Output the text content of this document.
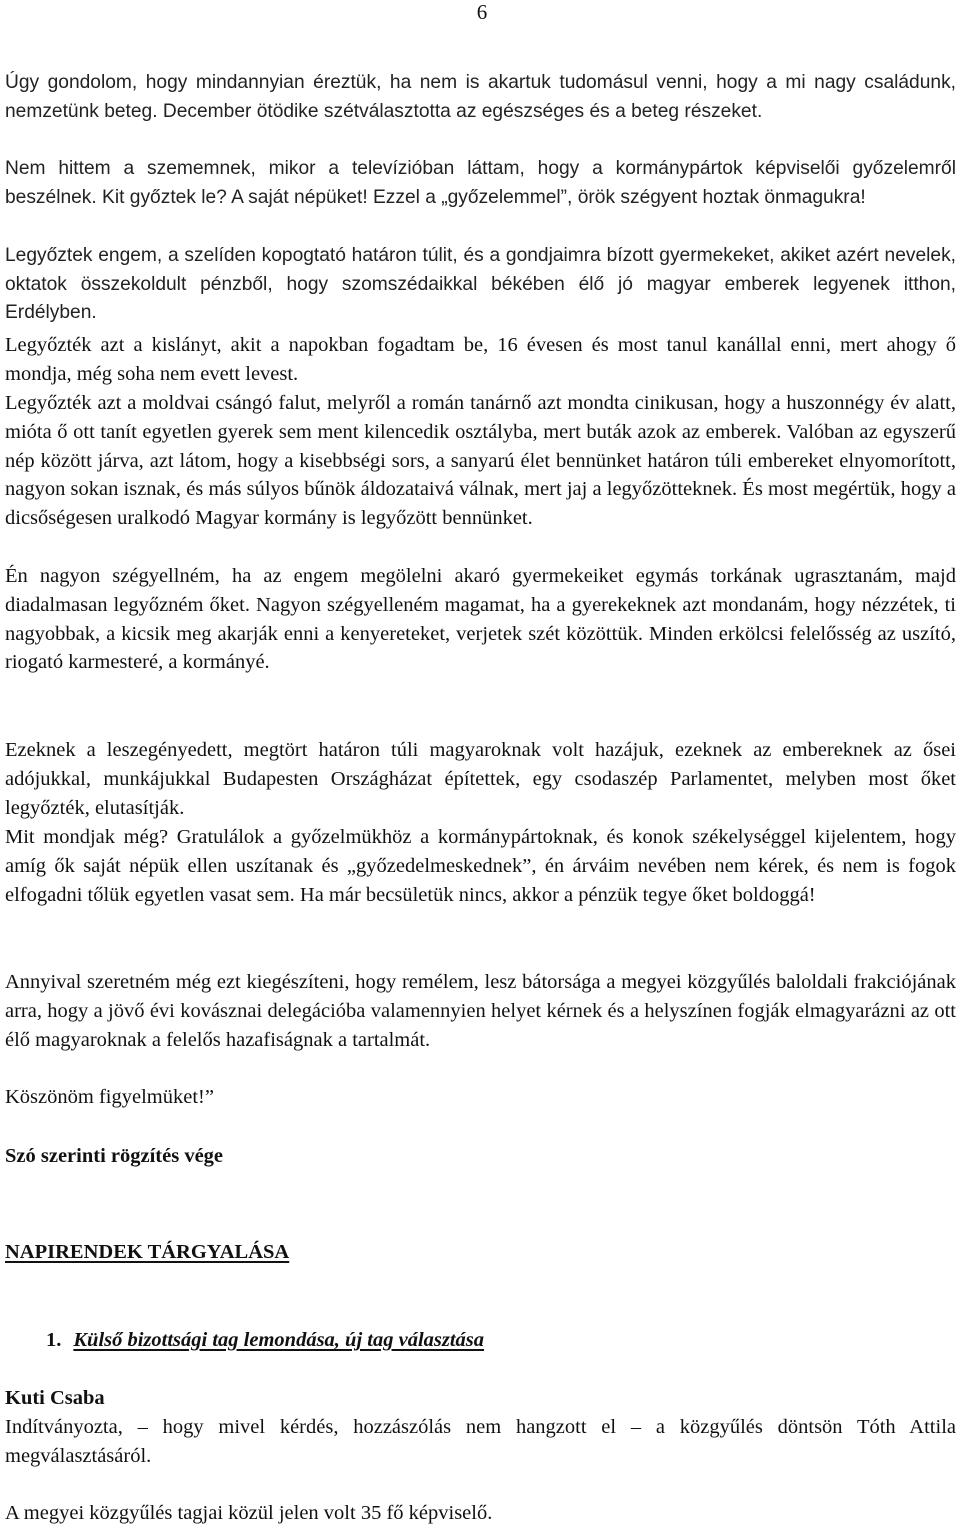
6

Úgy gondolom, hogy mindannyian éreztük, ha nem is akartuk tudomásul venni, hogy a mi nagy családunk, nemzetünk beteg. December ötödike szétválasztotta az egészséges és a beteg részeket.

Nem hittem a szememnek, mikor a televízióban láttam, hogy a kormánypártok képviselői győzelemről beszélnek. Kit győztek le? A saját népüket! Ezzel a „győzelemmel”, örök szégyent hoztak önmagukra!

Legyőztek engem, a szelíden kopogtató határon túlit, és a gondjaimra bízott gyermekeket, akiket azért nevelek, oktatok összekoldult pénzből, hogy szomszédaikkal békében élő jó magyar emberek legyenek itthon, Erdélyben.

Legyőzték azt a kislányt, akit a napokban fogadtam be, 16 évesen és most tanul kanállal enni, mert ahogy ő mondja, még soha nem evett levest.

Legyőzték azt a moldvai csángó falut, melyről a román tanárnő azt mondta cinikusan, hogy a huszonnégy év alatt, mióta ő ott tanít egyetlen gyerek sem ment kilencedik osztályba, mert buták azok az emberek. Valóban az egyszerű nép között járva, azt látom, hogy a kisebbségi sors, a sanyarú élet bennünket határon túli embereket elnyomorított, nagyon sokan isznak, és más súlyos bűnök áldozataivá válnak, mert jaj a legyőzötteknek. És most megértük, hogy a dicsőségesen uralkodó Magyar kormány is legyőzött bennünket.

Én nagyon szégyellném, ha az engem megölelni akaró gyermekeiket egymás torkának ugrasztanám, majd diadalmasan legyőzném őket. Nagyon szégyelleném magamat, ha a gyerekeknek azt mondanám, hogy nézzétek, ti nagyobbak, a kicsik meg akarják enni a kenyereteket, verjetek szét közöttük. Minden erkölcsi felelősség az uszító, riogató karmesteré, a kormányé.

Ezeknek a leszegényedett, megtört határon túli magyaroknak volt hazájuk, ezeknek az embereknek az ősei adójukkal, munkájukkal Budapesten Országházat építettek, egy csodaszép Parlamentet, melyben most őket legyőzték, elutasítják.

Mit mondjak még? Gratulálok a győzelmükhöz a kormánypártoknak, és konok székelységgel kijelentem, hogy amíg ők saját népük ellen uszítanak és „győzedelmeskednek”, én árváim nevében nem kérek, és nem is fogok elfogadni tőlük egyetlen vasat sem. Ha már becsületük nincs, akkor a pénzük tegye őket boldoggá!

Annyival szeretném még ezt kiegészíteni, hogy remélem, lesz bátorsága a megyei közgyűlés baloldali frakciójának arra, hogy a jövő évi kovásznai delegációba valamennyien helyet kérnek és a helyszínen fogják elmagyarázni az ott élő magyaroknak a felelős hazafiságnak a tartalmát.

Köszönöm figyelmüket!”

Szó szerinti rögzítés vége

NAPIRENDEK TÁRGYALÁSA

1. Külső bizottsági tag lemondása, új tag választása

Kuti Csaba

Indítványozta, – hogy mivel kérdés, hozzászólás nem hangzott el – a közgyűlés döntsön Tóth Attila megválasztásáról.

A megyei közgyűlés tagjai közül jelen volt 35 fő képviselő.
